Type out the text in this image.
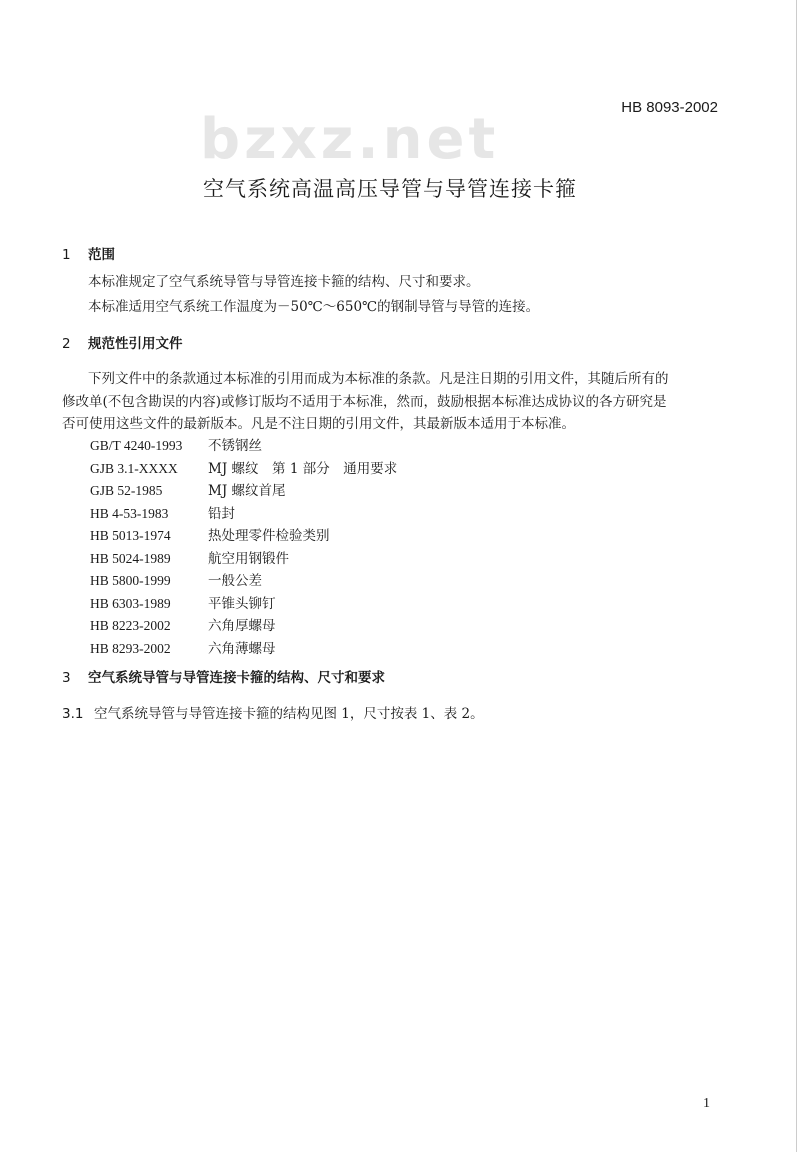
bzxz.net	HB 8093-2002
空气系统高温高压导管与导管连接卡箍
1 范围
本标准规定了空气系统导管与导管连接卡箍的结构、尺寸和要求。
本标准适用空气系统工作温度为－50℃～650℃的钢制导管与导管的连接。
2 规范性引用文件
下列文件中的条款通过本标准的引用而成为本标准的条款。凡是注日期的引用文件，其随后所有的
修改单(不包含勘误的内容)或修订版均不适用于本标准，然而，鼓励根据本标准达成协议的各方研究是
否可使用这些文件的最新版本。凡是不注日期的引用文件，其最新版本适用于本标准。
GB/T 4240-1993 不锈钢丝
GJB 3.1-XXXX MJ 螺纹　第 1 部分　通用要求
GJB 52-1985	MJ 螺纹首尾
HB 4-53-1983	铅封
HB 5013-1974	热处理零件检验类别
HB 5024-1989	航空用钢锻件
HB 5800-1999	一般公差
HB 6303-1989	平锥头铆钉
HB 8223-2002	六角厚螺母
HB 8293-2002	六角薄螺母
3 空气系统导管与导管连接卡箍的结构、尺寸和要求
3.1 空气系统导管与导管连接卡箍的结构见图 1，尺寸按表 1、表 2。
1
